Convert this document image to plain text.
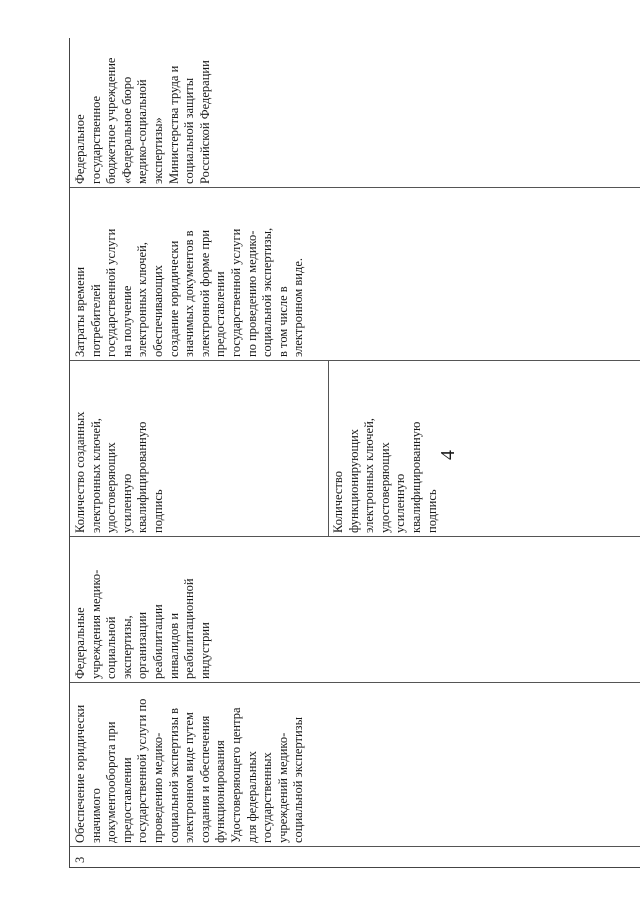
4
3
Обеспечение юридически
значимого
документооборота при
предоставлении
государственной услуги по
проведению медико-
социальной экспертизы в
электронном виде путем
создания и обеспечения
функционирования
Удостоверяющего центра
для федеральных
государственных
учреждений медико-
социальной экспертизы
Федеральные
учреждения медико-
социальной
экспертизы,
организации
реабилитации
инвалидов и
реабилитационной
индустрии
Количество созданных
электронных ключей,
удостоверяющих
усиленную
квалифицированную
подпись	Количество
функционирующих
электронных ключей,
удостоверяющих
усиленную
квалифицированную
подпись
Затраты времени
потребителей
государственной услуги
на получение
электронных ключей,
обеспечивающих
создание юридически
значимых документов в
электронной форме при
предоставлении
государственной услуги
по проведению медико-
социальной экспертизы,
в том числе в
электронном виде.
Федеральное
государственное
бюджетное учреждение
«Федеральное бюро
медико-социальной
экспертизы»
Министерства труда и
социальной защиты
Российской Федерации
